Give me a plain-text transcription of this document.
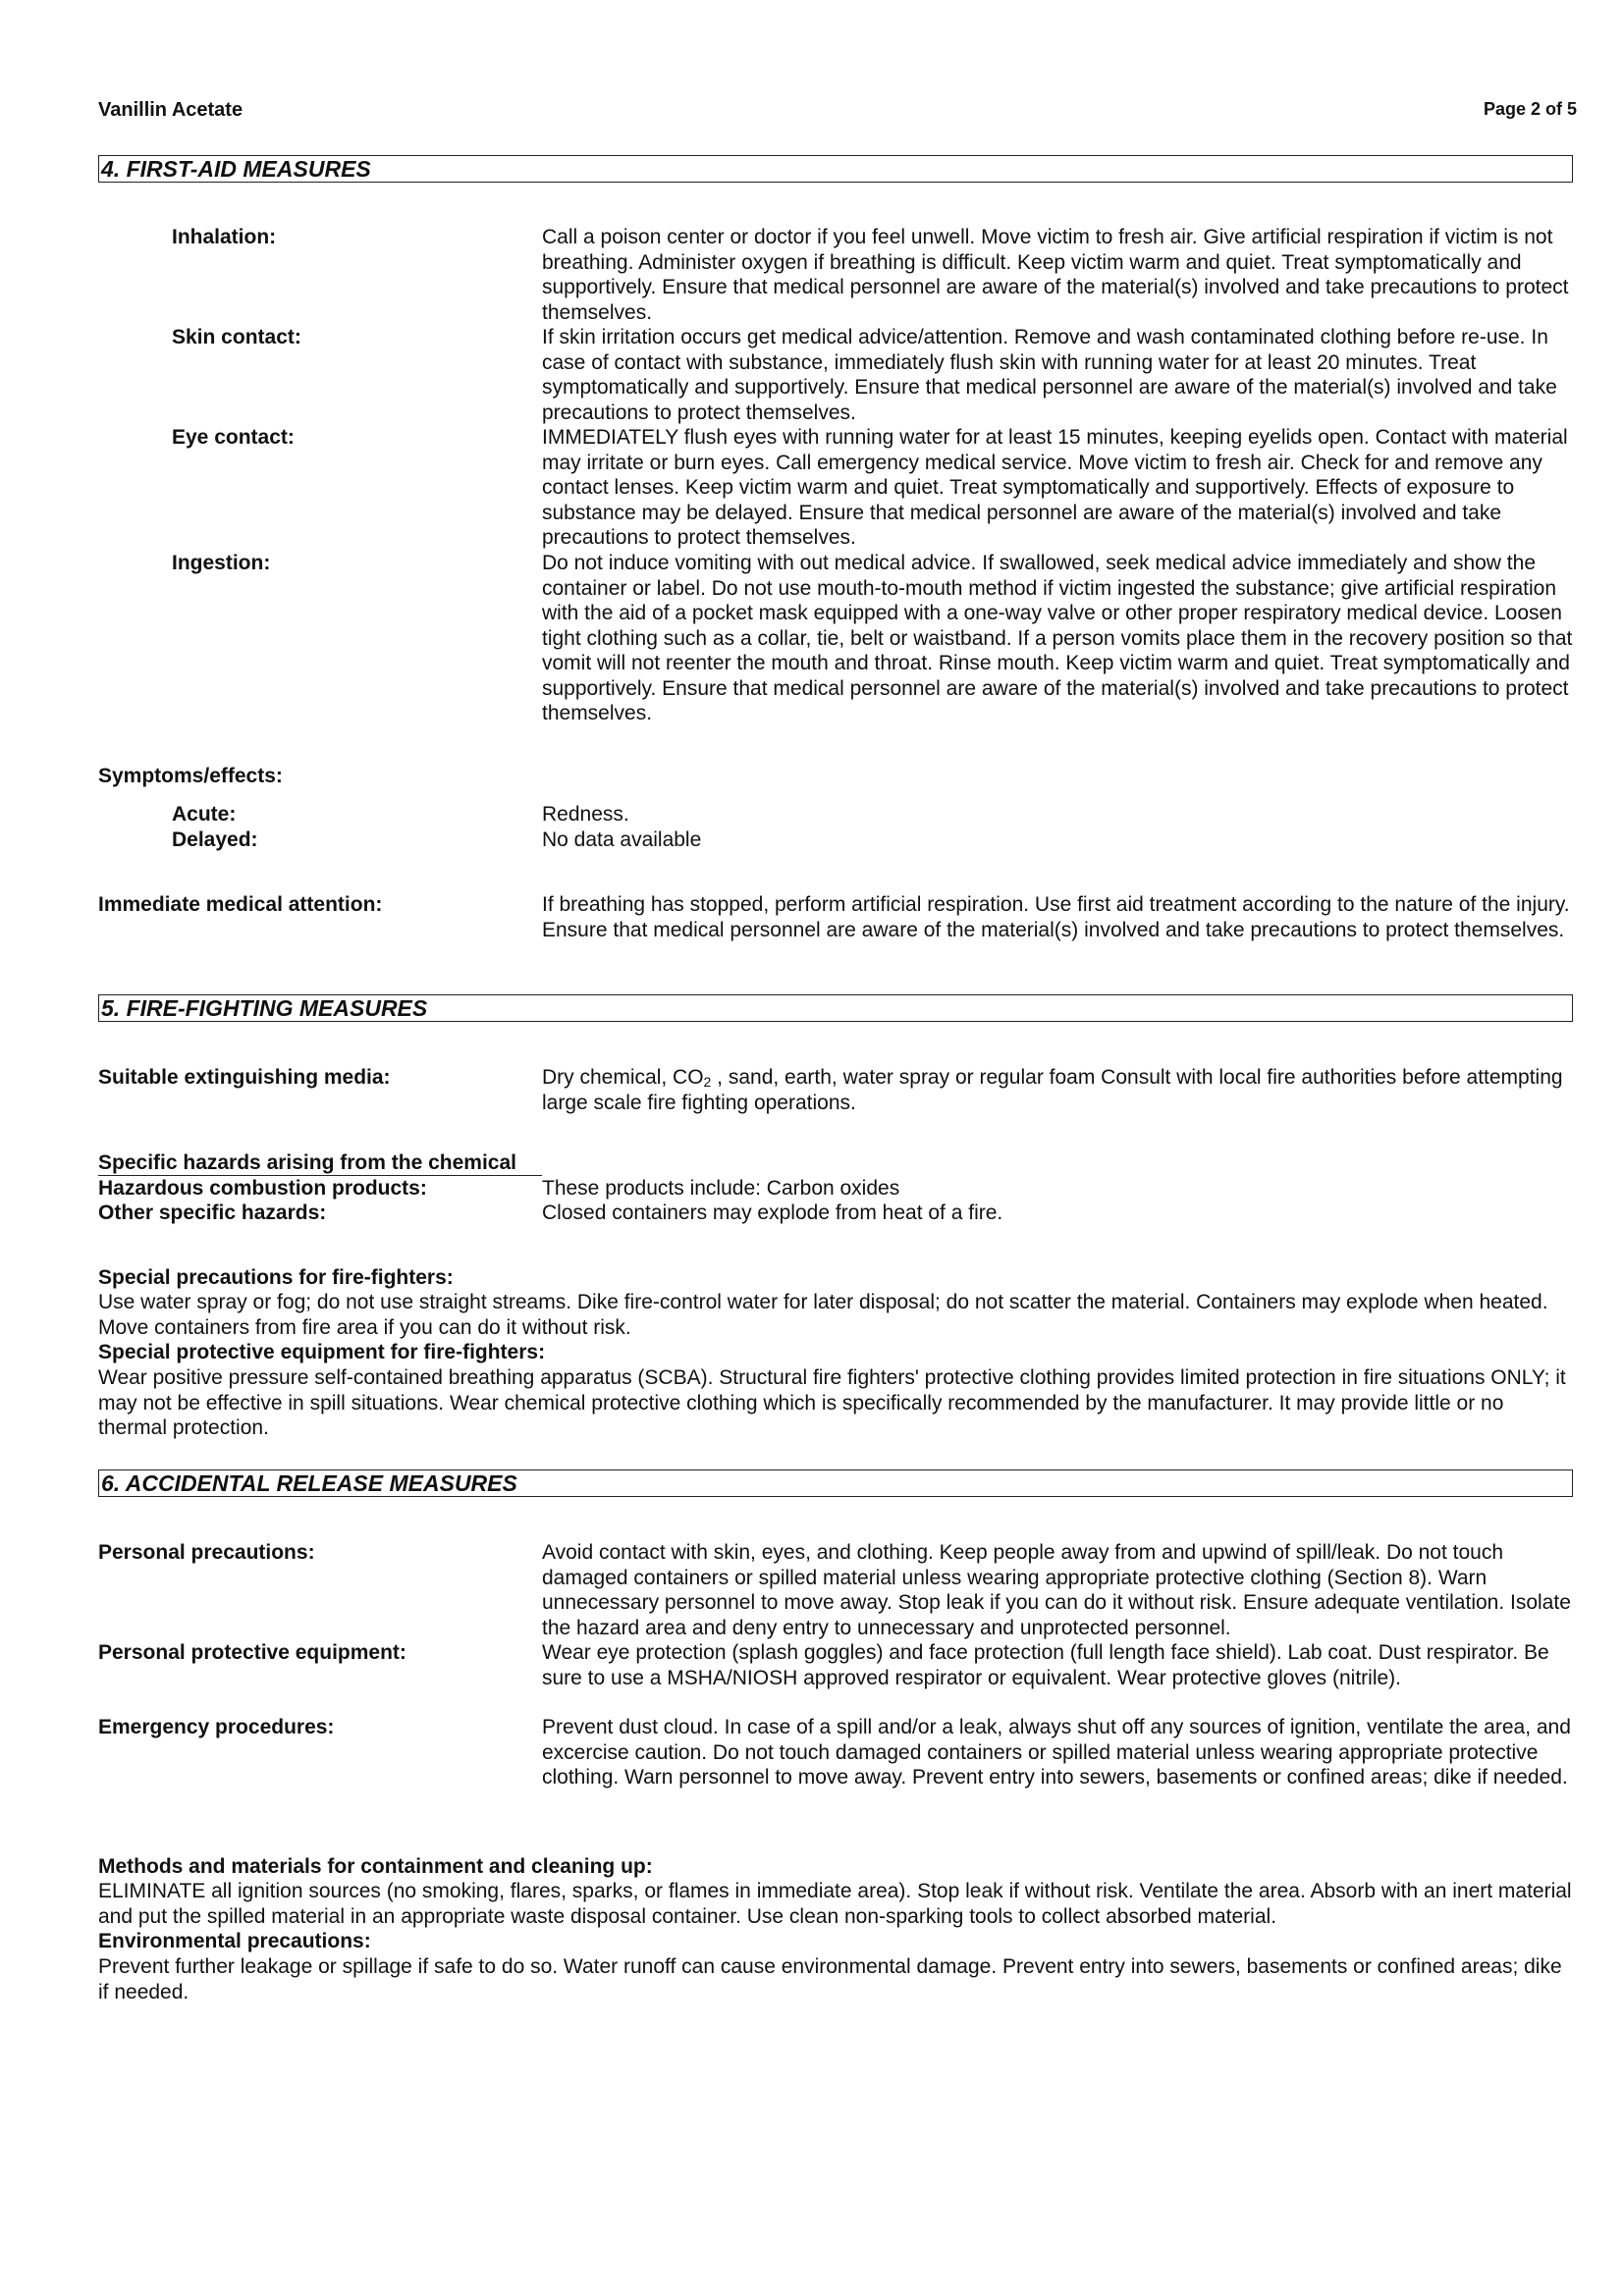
Vanillin Acetate	Page 2 of 5
4. FIRST-AID MEASURES
Inhalation:	Call a poison center or doctor if you feel unwell. Move victim to fresh air. Give artificial respiration if victim is not breathing. Administer oxygen if breathing is difficult. Keep victim warm and quiet. Treat symptomatically and supportively. Ensure that medical personnel are aware of the material(s) involved and take precautions to protect themselves.
Skin contact:	If skin irritation occurs get medical advice/attention. Remove and wash contaminated clothing before re-use. In case of contact with substance, immediately flush skin with running water for at least 20 minutes. Treat symptomatically and supportively. Ensure that medical personnel are aware of the material(s) involved and take precautions to protect themselves.
Eye contact:	IMMEDIATELY flush eyes with running water for at least 15 minutes, keeping eyelids open. Contact with material may irritate or burn eyes. Call emergency medical service. Move victim to fresh air. Check for and remove any contact lenses. Keep victim warm and quiet. Treat symptomatically and supportively. Effects of exposure to substance may be delayed. Ensure that medical personnel are aware of the material(s) involved and take precautions to protect themselves.
Ingestion:	Do not induce vomiting with out medical advice. If swallowed, seek medical advice immediately and show the container or label. Do not use mouth-to-mouth method if victim ingested the substance; give artificial respiration with the aid of a pocket mask equipped with a one-way valve or other proper respiratory medical device. Loosen tight clothing such as a collar, tie, belt or waistband. If a person vomits place them in the recovery position so that vomit will not reenter the mouth and throat. Rinse mouth. Keep victim warm and quiet. Treat symptomatically and supportively. Ensure that medical personnel are aware of the material(s) involved and take precautions to protect themselves.
Symptoms/effects:
Acute:	Redness.
Delayed:	No data available
Immediate medical attention:	If breathing has stopped, perform artificial respiration. Use first aid treatment according to the nature of the injury. Ensure that medical personnel are aware of the material(s) involved and take precautions to protect themselves.
5. FIRE-FIGHTING MEASURES
Suitable extinguishing media:	Dry chemical, $CO_2$ , sand, earth, water spray or regular foam Consult with local fire authorities before attempting large scale fire fighting operations.
Specific hazards arising from the chemical
Hazardous combustion products:	These products include: Carbon oxides
Other specific hazards:	Closed containers may explode from heat of a fire.
Special precautions for fire-fighters:
Use water spray or fog; do not use straight streams. Dike fire-control water for later disposal; do not scatter the material. Containers may explode when heated. Move containers from fire area if you can do it without risk.
Special protective equipment for fire-fighters:
Wear positive pressure self-contained breathing apparatus (SCBA). Structural fire fighters' protective clothing provides limited protection in fire situations ONLY; it may not be effective in spill situations. Wear chemical protective clothing which is specifically recommended by the manufacturer. It may provide little or no thermal protection.
6. ACCIDENTAL RELEASE MEASURES
Personal precautions:	Avoid contact with skin, eyes, and clothing. Keep people away from and upwind of spill/leak. Do not touch damaged containers or spilled material unless wearing appropriate protective clothing (Section 8). Warn unnecessary personnel to move away. Stop leak if you can do it without risk. Ensure adequate ventilation. Isolate the hazard area and deny entry to unnecessary and unprotected personnel.
Personal protective equipment:	Wear eye protection (splash goggles) and face protection (full length face shield). Lab coat. Dust respirator. Be sure to use a MSHA/NIOSH approved respirator or equivalent. Wear protective gloves (nitrile).
Emergency procedures:	Prevent dust cloud. In case of a spill and/or a leak, always shut off any sources of ignition, ventilate the area, and excercise caution. Do not touch damaged containers or spilled material unless wearing appropriate protective clothing. Warn personnel to move away. Prevent entry into sewers, basements or confined areas; dike if needed.
Methods and materials for containment and cleaning up:
ELIMINATE all ignition sources (no smoking, flares, sparks, or flames in immediate area). Stop leak if without risk. Ventilate the area. Absorb with an inert material and put the spilled material in an appropriate waste disposal container. Use clean non-sparking tools to collect absorbed material.
Environmental precautions:
Prevent further leakage or spillage if safe to do so. Water runoff can cause environmental damage. Prevent entry into sewers, basements or confined areas; dike if needed.
